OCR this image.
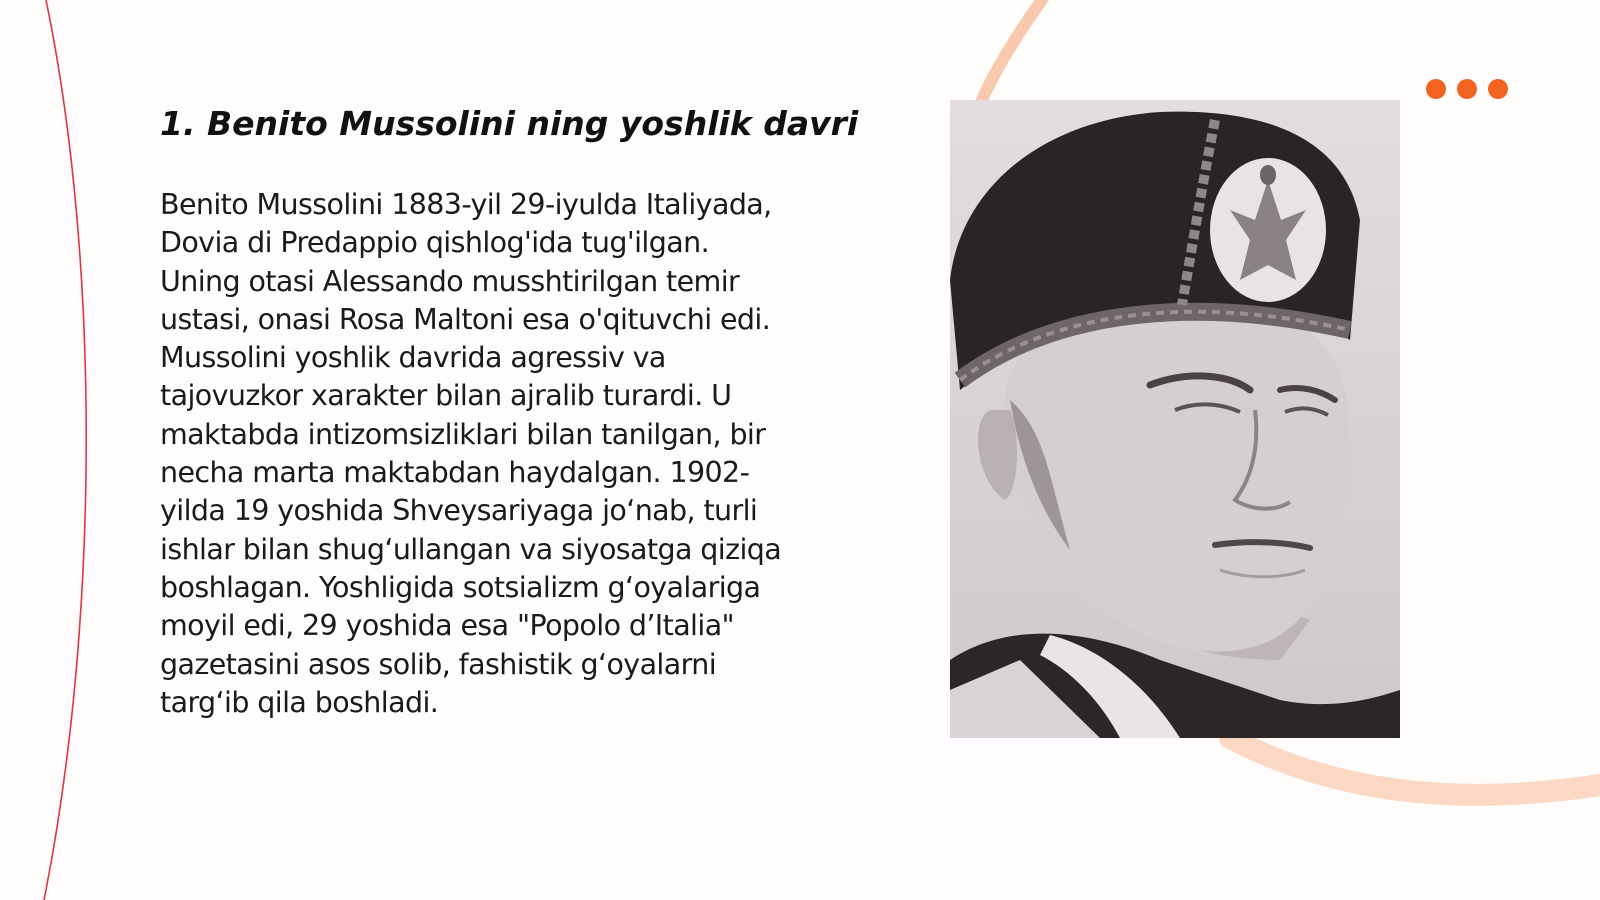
1. Benito Mussolini ning yoshlik davri
Benito Mussolini 1883-yil 29-iyulda Italiyada,
Dovia di Predappio qishlog'ida tug'ilgan.
Uning otasi Alessando musshtirilgan temir
ustasi, onasi Rosa Maltoni esa o'qituvchi edi.
Mussolini yoshlik davrida agressiv va
tajovuzkor xarakter bilan ajralib turardi. U
maktabda intizomsizliklari bilan tanilgan, bir
necha marta maktabdan haydalgan. 1902-
yilda 19 yoshida Shveysariyaga jo‘nab, turli
ishlar bilan shug‘ullangan va siyosatga qiziqa
boshlagan. Yoshligida sotsializm g‘oyalariga
moyil edi, 29 yoshida esa "Popolo d’Italia"
gazetasini asos solib, fashistik g‘oyalarni
targ‘ib qila boshladi.
